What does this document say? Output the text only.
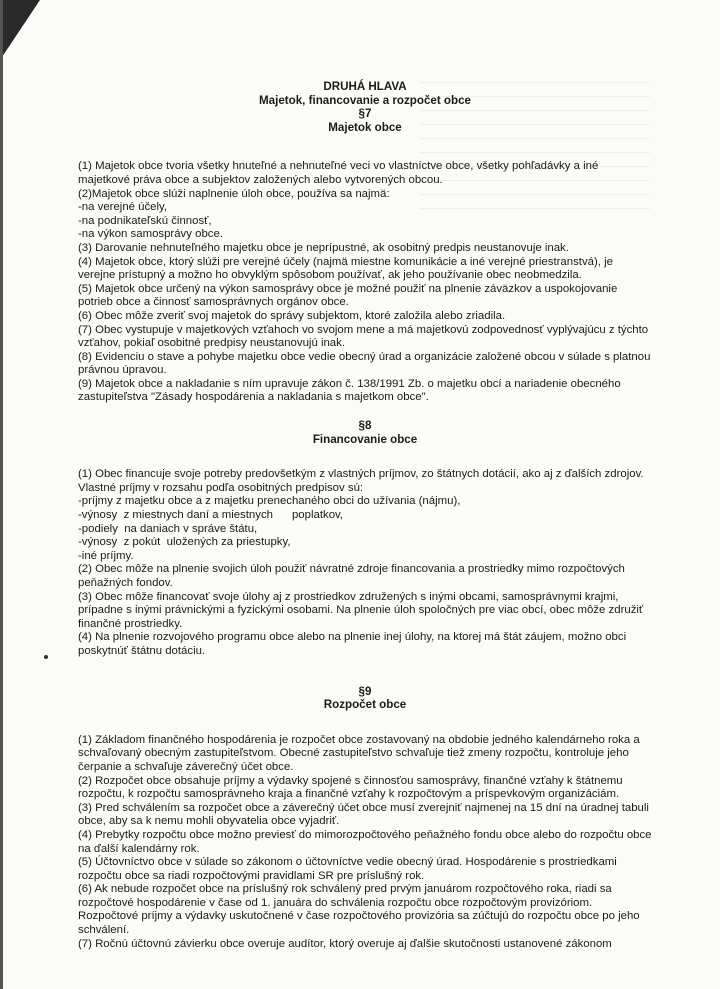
DRUHÁ HLAVA
Majetok, financovanie a rozpočet obce
§7
Majetok obce

(1) Majetok obce tvoria všetky hnuteľné a nehnuteľné veci vo vlastníctve obce, všetky pohľadávky a iné majetkové práva obce a subjektov založených alebo vytvorených obcou.

(2)Majetok obce slúži naplnenie úloh obce, používa sa najmä:

-na verejné účely,

-na podnikateľskú činnosť,

-na výkon samosprávy obce.

(3) Darovanie nehnuteľného majetku obce je neprípustné, ak osobitný predpis neustanovuje inak.

(4) Majetok obce, ktorý slúži pre verejné účely (najmä miestne komunikácie a iné verejné priestranstvá), je verejne prístupný a možno ho obvyklým spôsobom používať, ak jeho používanie obec neobmedzila.

(5) Majetok obce určený na výkon samosprávy obce je možné použiť na plnenie záväzkov a uspokojovanie potrieb obce a činnosť samosprávnych orgánov obce.

(6) Obec môže zveriť svoj majetok do správy subjektom, ktoré založila alebo zriadila.

(7) Obec vystupuje v majetkových vzťahoch vo svojom mene a má majetkovú zodpovednosť vyplývajúcu z týchto vzťahov, pokiaľ osobitné predpisy neustanovujú inak.

(8) Evidenciu o stave a pohybe majetku obce vedie obecný úrad a organizácie založené obcou v súlade s platnou právnou úpravou.

(9) Majetok obce a nakladanie s ním upravuje zákon č. 138/1991 Zb. o majetku obcí a nariadenie obecného zastupiteľstva "Zásady hospodárenia a nakladania s majetkom obce".

§8
Financovanie obce

(1) Obec financuje svoje potreby predovšetkým z vlastných príjmov, zo štátnych dotácií, ako aj z ďalších zdrojov. Vlastné príjmy v rozsahu podľa osobitných predpisov sú:

-príjmy z majetku obce a z majetku prenechaného obci do užívania (nájmu),

-výnosy  z miestnych daní a miestnych      poplatkov,

-podiely  na daniach v správe štátu,

-výnosy  z pokút  uložených za priestupky,

-iné príjmy.

(2) Obec môže na plnenie svojich úloh použiť návratné zdroje financovania a prostriedky mimo rozpočtových      peňažných fondov.

(3) Obec môže financovať svoje úlohy aj z prostriedkov združených s inými obcami, samosprávnymi krajmi, prípadne s inými právnickými a fyzickými osobami. Na plnenie úloh spoločných pre viac obcí, obec môže združiť finančné prostriedky.

(4) Na plnenie rozvojového programu obce alebo na plnenie inej úlohy, na ktorej má štát záujem, možno obci poskytnúť štátnu dotáciu.

§9
Rozpočet obce

(1) Základom finančného hospodárenia je rozpočet obce zostavovaný na obdobie jedného kalendárneho roka a schvaľovaný obecným zastupiteľstvom. Obecné zastupiteľstvo schvaľuje tiež zmeny rozpočtu, kontroluje jeho čerpanie a schvaľuje záverečný účet obce.

(2) Rozpočet obce obsahuje príjmy a výdavky spojené s činnosťou samosprávy, finančné vzťahy k štátnemu rozpočtu, k rozpočtu samosprávneho kraja a finančné vzťahy k rozpočtovým a príspevkovým organizáciám.

(3) Pred schválením sa rozpočet obce a záverečný účet obce musí zverejniť najmenej na 15 dní na úradnej tabuli obce, aby sa k nemu mohli obyvatelia obce vyjadriť.

(4) Prebytky rozpočtu obce možno previesť do mimorozpočtového peňažného fondu obce alebo do rozpočtu obce na ďalší kalendárny rok.

(5) Účtovníctvo obce v súlade so zákonom o účtovníctve vedie obecný úrad. Hospodárenie s prostriedkami rozpočtu obce sa riadi rozpočtovými pravidlami SR pre príslušný rok.

(6) Ak nebude rozpočet obce na príslušný rok schválený pred prvým januárom rozpočtového roka, riadi sa rozpočtové hospodárenie v čase od 1. januára do schválenia rozpočtu obce rozpočtovým provizóriom. Rozpočtové príjmy a výdavky uskutočnené v čase rozpočtového provizória sa zúčtujú do rozpočtu obce po jeho schválení.

(7) Ročnú účtovnú závierku obce overuje audítor, ktorý overuje aj ďalšie skutočnosti ustanovené zákonom
